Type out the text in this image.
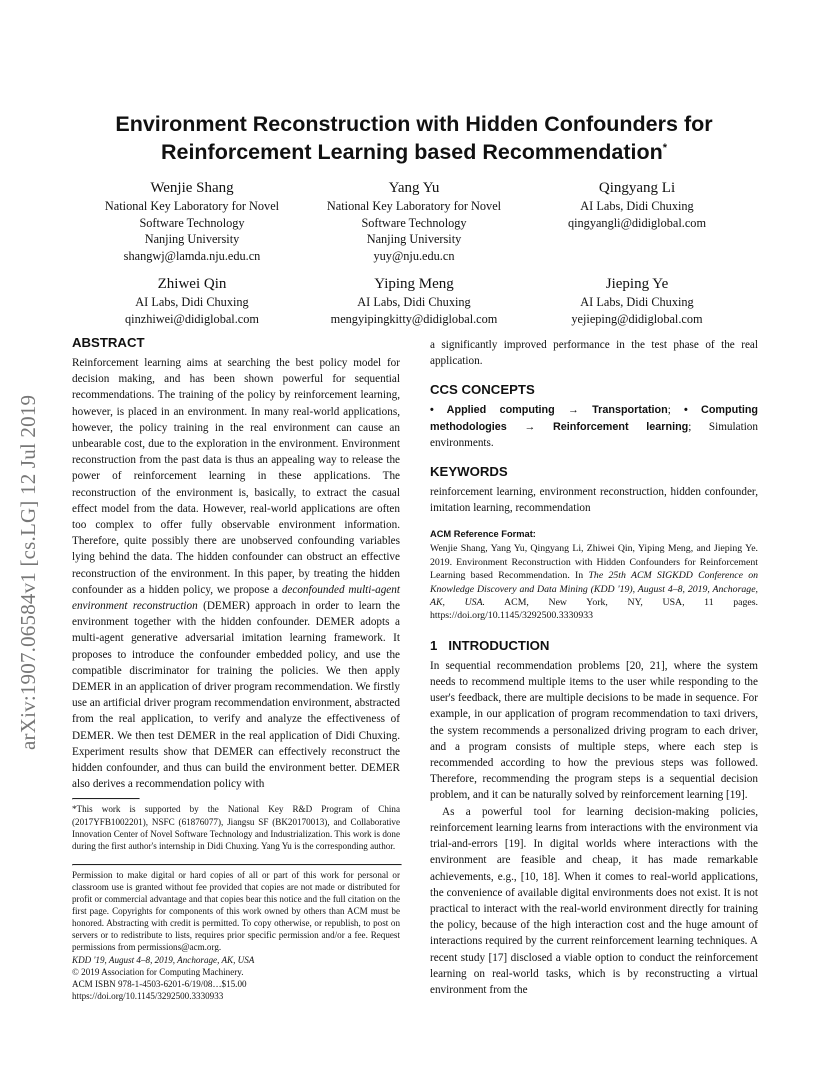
arXiv:1907.06584v1 [cs.LG] 12 Jul 2019
Environment Reconstruction with Hidden Confounders for
Reinforcement Learning based Recommendation*
Wenjie Shang
National Key Laboratory for Novel
Software Technology
Nanjing University
shangwj@lamda.nju.edu.cn
Yang Yu
National Key Laboratory for Novel
Software Technology
Nanjing University
yuy@nju.edu.cn
Qingyang Li
AI Labs, Didi Chuxing
qingyangli@didiglobal.com
Zhiwei Qin
AI Labs, Didi Chuxing
qinzhiwei@didiglobal.com
Yiping Meng
AI Labs, Didi Chuxing
mengyipingkitty@didiglobal.com
Jieping Ye
AI Labs, Didi Chuxing
yejieping@didiglobal.com
ABSTRACT

Reinforcement learning aims at searching the best policy model for decision making, and has been shown powerful for sequential recommendations. The training of the policy by reinforcement learning, however, is placed in an environment. In many real-world applications, however, the policy training in the real environment can cause an unbearable cost, due to the exploration in the environment. Environment reconstruction from the past data is thus an appealing way to release the power of reinforcement learning in these applications. The reconstruction of the environment is, basically, to extract the casual effect model from the data. However, real-world applications are often too complex to offer fully observable environment information. Therefore, quite possibly there are unobserved confounding variables lying behind the data. The hidden confounder can obstruct an effective reconstruction of the environment. In this paper, by treating the hidden confounder as a hidden policy, we propose a deconfounded multi-agent environment reconstruction (DEMER) approach in order to learn the environment together with the hidden confounder. DEMER adopts a multi-agent generative adversarial imitation learning framework. It proposes to introduce the confounder embedded policy, and use the compatible discriminator for training the policies. We then apply DEMER in an application of driver program recommendation. We firstly use an artificial driver program recommendation environment, abstracted from the real application, to verify and analyze the effectiveness of DEMER. We then test DEMER in the real application of Didi Chuxing. Experiment results show that DEMER can effectively reconstruct the hidden confounder, and thus can build the environment better. DEMER also derives a recommendation policy with

*This work is supported by the National Key R&D Program of China (2017YFB1002201), NSFC (61876077), Jiangsu SF (BK20170013), and Collaborative Innovation Center of Novel Software Technology and Industrialization. This work is done during the first author's internship in Didi Chuxing. Yang Yu is the corresponding author.

Permission to make digital or hard copies of all or part of this work for personal or classroom use is granted without fee provided that copies are not made or distributed for profit or commercial advantage and that copies bear this notice and the full citation on the first page. Copyrights for components of this work owned by others than ACM must be honored. Abstracting with credit is permitted. To copy otherwise, or republish, to post on servers or to redistribute to lists, requires prior specific permission and/or a fee. Request permissions from permissions@acm.org.

KDD '19, August 4–8, 2019, Anchorage, AK, USA

© 2019 Association for Computing Machinery.

ACM ISBN 978-1-4503-6201-6/19/08…$15.00

https://doi.org/10.1145/3292500.3330933

a significantly improved performance in the test phase of the real application.

CCS CONCEPTS

• Applied computing → Transportation; • Computing methodologies → Reinforcement learning; Simulation environments.

KEYWORDS

reinforcement learning, environment reconstruction, hidden confounder, imitation learning, recommendation

ACM Reference Format:

Wenjie Shang, Yang Yu, Qingyang Li, Zhiwei Qin, Yiping Meng, and Jieping Ye. 2019. Environment Reconstruction with Hidden Confounders for Reinforcement Learning based Recommendation. In The 25th ACM SIGKDD Conference on Knowledge Discovery and Data Mining (KDD '19), August 4–8, 2019, Anchorage, AK, USA. ACM, New York, NY, USA, 11 pages. https://doi.org/10.1145/3292500.3330933

1   INTRODUCTION

In sequential recommendation problems [20, 21], where the system needs to recommend multiple items to the user while responding to the user's feedback, there are multiple decisions to be made in sequence. For example, in our application of program recommendation to taxi drivers, the system recommends a personalized driving program to each driver, and a program consists of multiple steps, where each step is recommended according to how the previous steps was followed. Therefore, recommending the program steps is a sequential decision problem, and it can be naturally solved by reinforcement learning [19].

As a powerful tool for learning decision-making policies, reinforcement learning learns from interactions with the environment via trial-and-errors [19]. In digital worlds where interactions with the environment are feasible and cheap, it has made remarkable achievements, e.g., [10, 18]. When it comes to real-world applications, the convenience of available digital environments does not exist. It is not practical to interact with the real-world environment directly for training the policy, because of the high interaction cost and the huge amount of interactions required by the current reinforcement learning techniques. A recent study [17] disclosed a viable option to conduct the reinforcement learning on real-world tasks, which is by reconstructing a virtual environment from the
